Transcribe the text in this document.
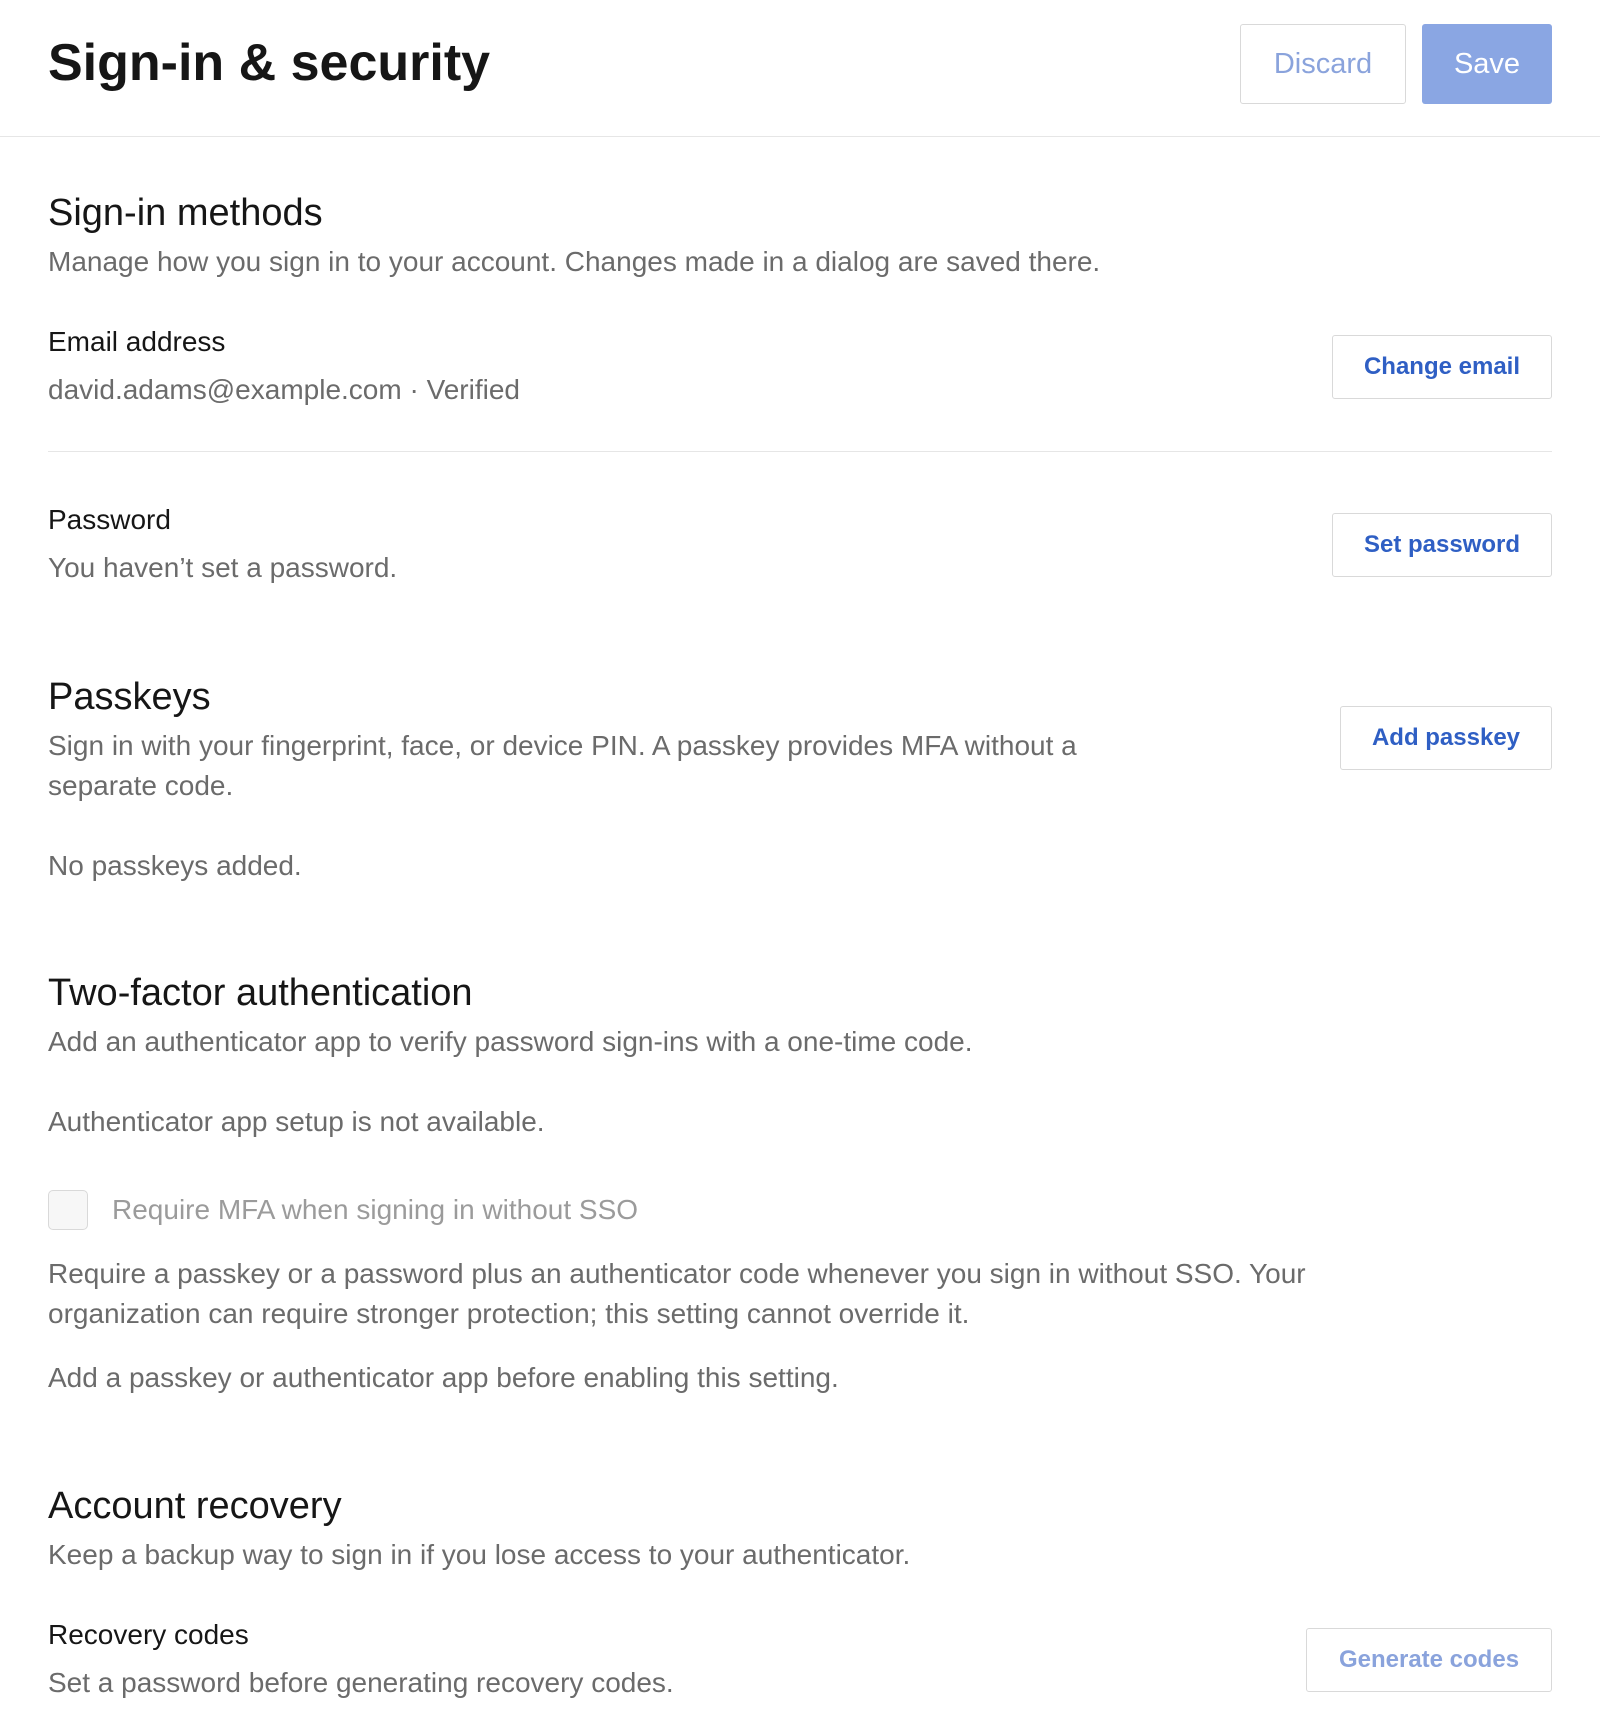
Sign-in & security	Discard	Save
Sign-in methods
Manage how you sign in to your account. Changes made in a dialog are saved there.
Email address
david.adams@example.com · Verified
Change email
Password
You haven’t set a password.
Set password
Passkeys
Sign in with your fingerprint, face, or device PIN. A passkey provides MFA without a
separate code.
Add passkey
No passkeys added.
Two-factor authentication
Add an authenticator app to verify password sign-ins with a one-time code.
Authenticator app setup is not available.
Require MFA when signing in without SSO
Require a passkey or a password plus an authenticator code whenever you sign in without SSO. Your
organization can require stronger protection; this setting cannot override it.
Add a passkey or authenticator app before enabling this setting.
Account recovery
Keep a backup way to sign in if you lose access to your authenticator.
Recovery codes
Set a password before generating recovery codes.
Generate codes
